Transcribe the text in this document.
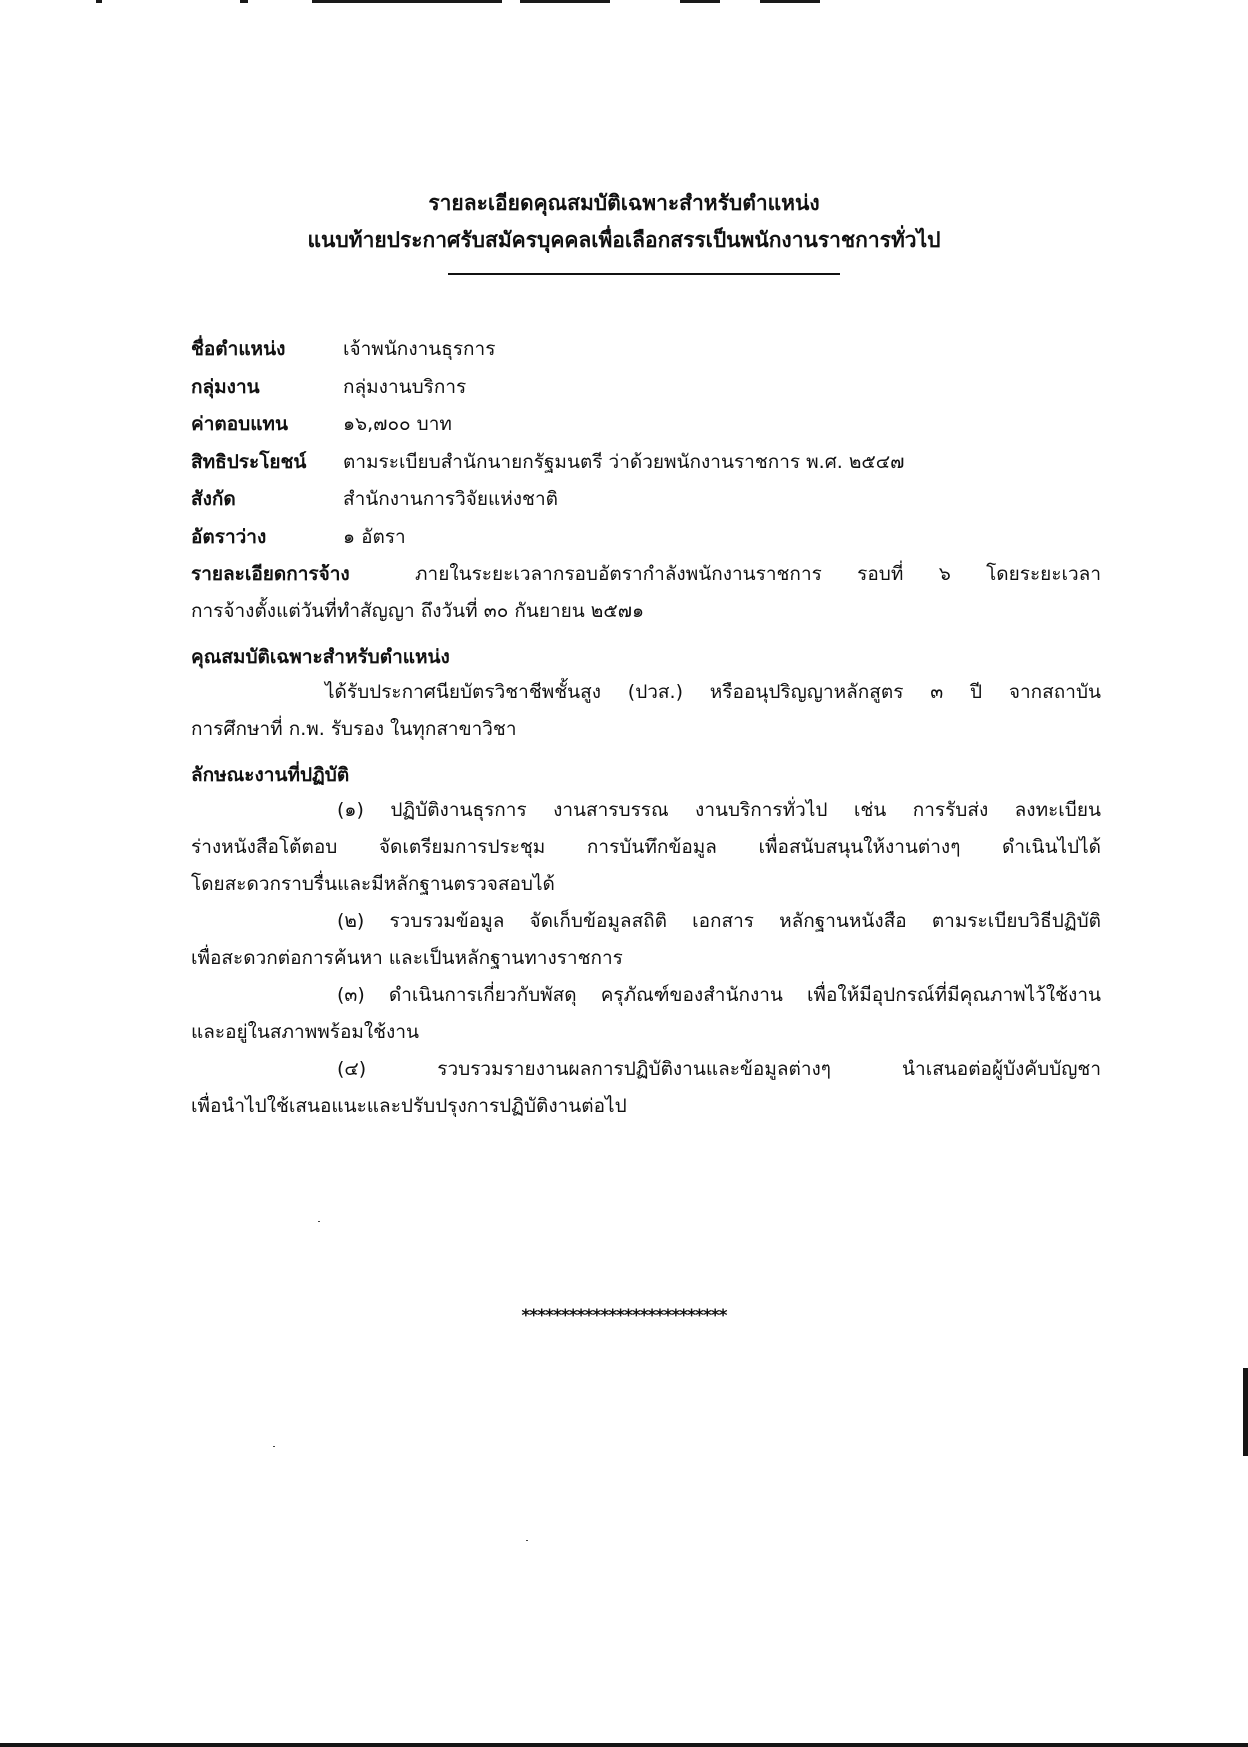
รายละเอียดคุณสมบัติเฉพาะสำหรับตำแหน่ง
แนบท้ายประกาศรับสมัครบุคคลเพื่อเลือกสรรเป็นพนักงานราชการทั่วไป
ชื่อตำแหน่ง	เจ้าพนักงานธุรการ
กลุ่มงาน	กลุ่มงานบริการ
ค่าตอบแทน	๑๖,๗๐๐ บาท
สิทธิประโยชน์	ตามระเบียบสำนักนายกรัฐมนตรี ว่าด้วยพนักงานราชการ พ.ศ. ๒๕๔๗
สังกัด	สำนักงานการวิจัยแห่งชาติ
อัตราว่าง	๑ อัตรา
รายละเอียดการจ้าง	ภายในระยะเวลากรอบอัตรากำลังพนักงานราชการ รอบที่ ๖ โดยระยะเวลา
การจ้างตั้งแต่วันที่ทำสัญญา ถึงวันที่ ๓๐ กันยายน ๒๕๗๑
คุณสมบัติเฉพาะสำหรับตำแหน่ง
ได้รับประกาศนียบัตรวิชาชีพชั้นสูง (ปวส.) หรืออนุปริญญาหลักสูตร ๓ ปี จากสถาบัน
การศึกษาที่ ก.พ. รับรอง ในทุกสาขาวิชา
ลักษณะงานที่ปฏิบัติ
(๑) ปฏิบัติงานธุรการ งานสารบรรณ งานบริการทั่วไป เช่น การรับส่ง ลงทะเบียน
ร่างหนังสือโต้ตอบ จัดเตรียมการประชุม การบันทึกข้อมูล เพื่อสนับสนุนให้งานต่างๆ ดำเนินไปได้
โดยสะดวกราบรื่นและมีหลักฐานตรวจสอบได้
(๒) รวบรวมข้อมูล จัดเก็บข้อมูลสถิติ เอกสาร หลักฐานหนังสือ ตามระเบียบวิธีปฏิบัติ
เพื่อสะดวกต่อการค้นหา และเป็นหลักฐานทางราชการ
(๓) ดำเนินการเกี่ยวกับพัสดุ ครุภัณฑ์ของสำนักงาน เพื่อให้มีอุปกรณ์ที่มีคุณภาพไว้ใช้งาน
และอยู่ในสภาพพร้อมใช้งาน
(๔) รวบรวมรายงานผลการปฏิบัติงานและข้อมูลต่างๆ นำเสนอต่อผู้บังคับบัญชา
เพื่อนำไปใช้เสนอแนะและปรับปรุงการปฏิบัติงานต่อไป
**************************
